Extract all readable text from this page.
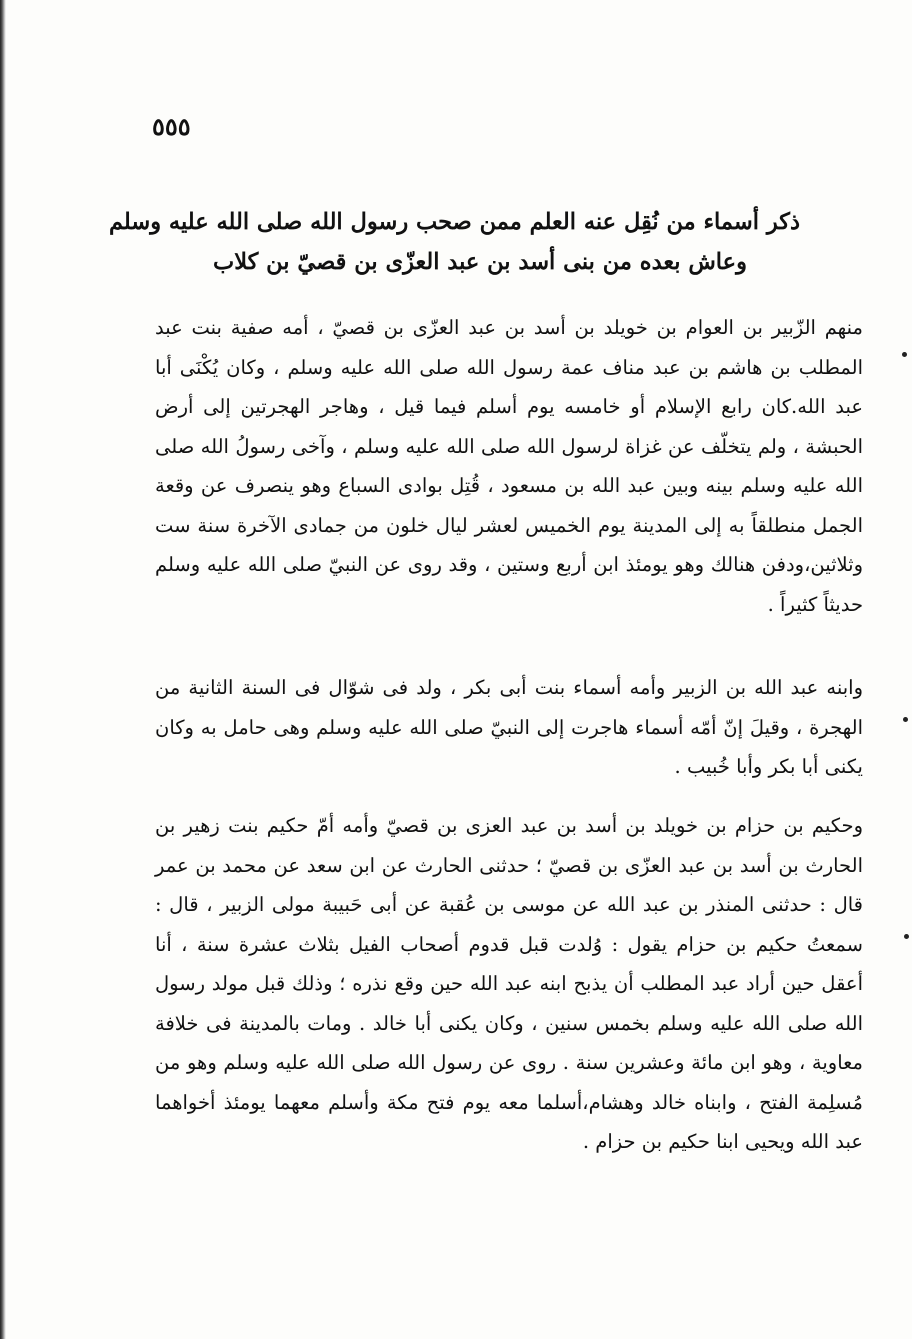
٥٥٥
ذكر أسماء من نُقِل عنه العلم ممن صحب رسول الله صلى الله عليه وسلم
وعاش بعده من بنى أسد بن عبد العزّى بن قصيّ بن كلاب

منهم الزّبير بن العوام بن خويلد بن أسد بن عبد العزّى بن قصيّ ، أمه صفية بنت عبد المطلب بن هاشم بن عبد مناف عمة رسول الله صلى الله عليه وسلم ، وكان يُكْنَى أبا عبد الله.كان رابع الإسلام أو خامسه يوم أسلم فيما قيل ، وهاجر الهجرتين إلى أرض الحبشة ، ولم يتخلّف عن غزاة لرسول الله صلى الله عليه وسلم ، وآخى رسولُ الله صلى الله عليه وسلم بينه وبين عبد الله بن مسعود ، قُتِل بوادى السباع وهو ينصرف عن وقعة الجمل منطلقاً به إلى المدينة يوم الخميس لعشر ليال خلون من جمادى الآخرة سنة ست وثلاثين،ودفن هنالك وهو يومئذ ابن أربع وستين ، وقد روى عن النبيّ صلى الله عليه وسلم حديثاً كثيراً .

وابنه عبد الله بن الزبير وأمه أسماء بنت أبى بكر ، ولد فى شوّال فى السنة الثانية من الهجرة ، وقيلَ إنّ أمّه أسماء هاجرت إلى النبيّ صلى الله عليه وسلم وهى حامل به وكان يكنى أبا بكر وأبا خُبيب .

وحكيم بن حزام بن خويلد بن أسد بن عبد العزى بن قصيّ وأمه أمّ حكيم بنت زهير بن الحارث بن أسد بن عبد العزّى بن قصيّ ؛ حدثنى الحارث عن ابن سعد عن محمد بن عمر قال : حدثنى المنذر بن عبد الله عن موسى بن عُقبة عن أبى حَبيبة مولى الزبير ، قال : سمعتُ حكيم بن حزام يقول : وُلدت قبل قدوم أصحاب الفيل بثلاث عشرة سنة ، أنا أعقل حين أراد عبد المطلب أن يذبح ابنه عبد الله حين وقع نذره ؛ وذلك قبل مولد رسول الله صلى الله عليه وسلم بخمس سنين ، وكان يكنى أبا خالد . ومات بالمدينة فى خلافة معاوية ، وهو ابن مائة وعشرين سنة . روى عن رسول الله صلى الله عليه وسلم وهو من مُسلِمة الفتح ، وابناه خالد وهشام،أسلما معه يوم فتح مكة وأسلم معهما يومئذ أخواهما عبد الله ويحيى ابنا حكيم بن حزام .
